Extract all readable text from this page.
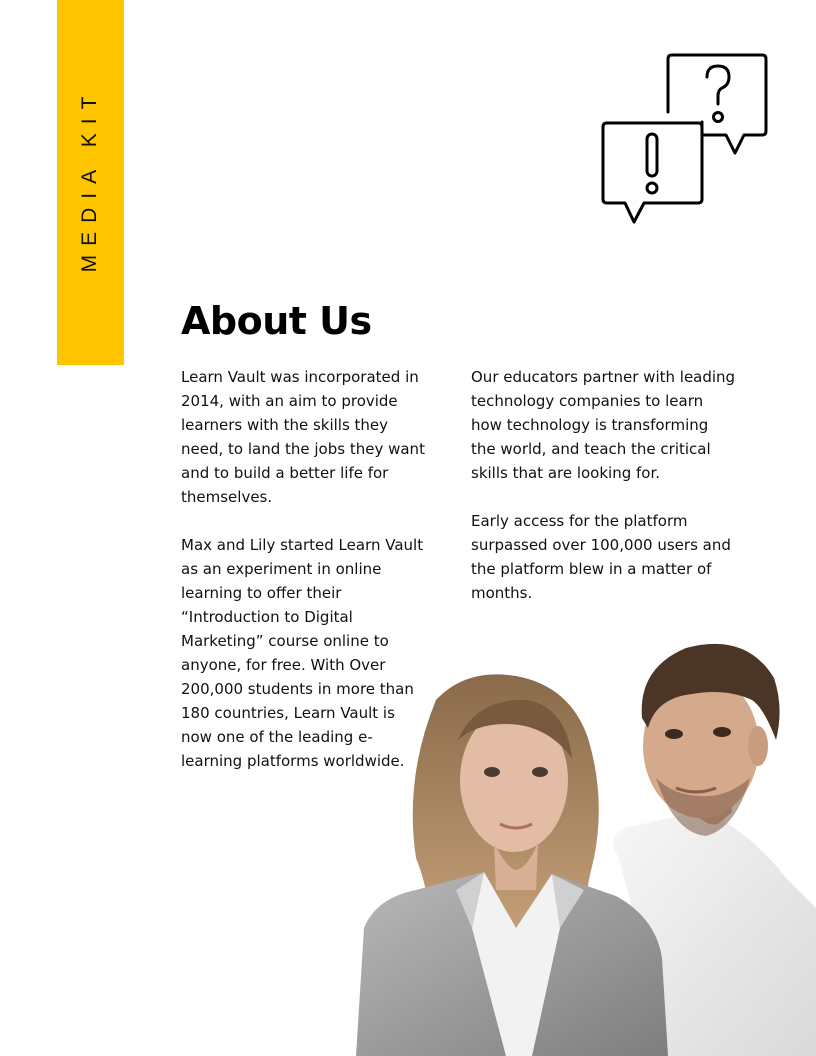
MEDIA KIT
About Us

Learn Vault was incorporated in 2014, with an aim to provide learners with the skills they need, to land the jobs they want and to build a better life for themselves.

Max and Lily started Learn Vault as an experiment in online learning to offer their “Introduction to Digital Marketing” course online to anyone, for free. With Over 200,000 students in more than 180 countries, Learn Vault is now one of the leading e-learning platforms worldwide.

Our educators partner with leading technology companies to learn how technology is transforming the world, and teach the critical skills that are looking for.

Early access for the platform surpassed over 100,000 users and the platform blew in a matter of months.
